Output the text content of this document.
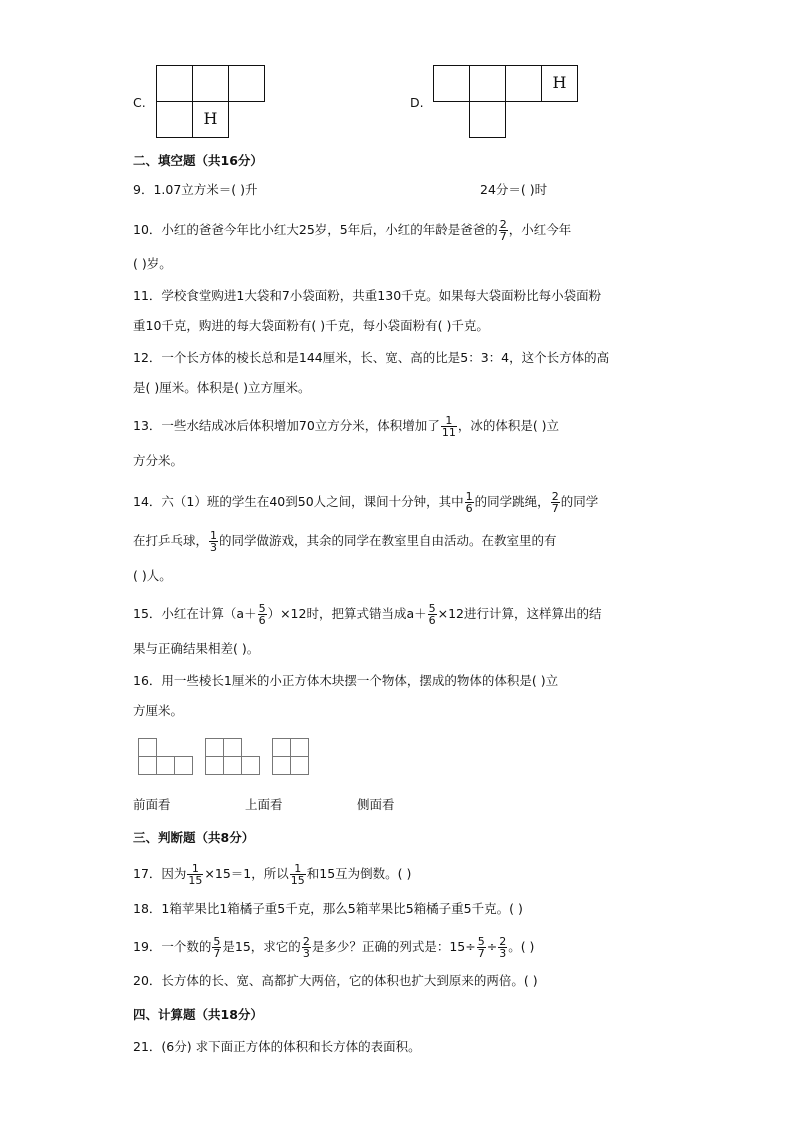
C.
H
D.
H
二、填空题（共16分）
9．1.07立方米＝( )升	24分＝( )时
10．小红的爸爸今年比小红大25岁，5年后，小红的年龄是爸爸的 $\frac{2}{7}$ ，小红今年
( )岁。
11．学校食堂购进1大袋和7小袋面粉，共重130千克。如果每大袋面粉比每小袋面粉
重10千克，购进的每大袋面粉有( )千克，每小袋面粉有( )千克。
12．一个长方体的棱长总和是144厘米，长、宽、高的比是5：3：4，这个长方体的高
是( )厘米。体积是( )立方厘米。
13．一些水结成冰后体积增加70立方分米，体积增加了 $\frac{1}{11}$ ，冰的体积是( )立
方分米。
14．六（1）班的学生在40到50人之间，课间十分钟，其中 $\frac{1}{6}$ 的同学跳绳， $\frac{2}{7}$ 的同学
在打乒乓球， $\frac{1}{3}$ 的同学做游戏，其余的同学在教室里自由活动。在教室里的有
( )人。
15．小红在计算$(a+ \frac{5}{6} )\times 12$时，把算式错当成$a+ \frac{5}{6} \times 12$进行计算，这样算出的结
果与正确结果相差( )。
16．用一些棱长1厘米的小正方体木块摆一个物体，摆成的物体的体积是( )立
方厘米。
前面看	上面看	侧面看
三、判断题（共8分）
17．因为 $\frac{1}{15} \times 15=1$，所以 $\frac{1}{15}$ 和15互为倒数。( )
18．1箱苹果比1箱橘子重5千克，那么5箱苹果比5箱橘子重5千克。( )
19．一个数的 $\frac{5}{7}$ 是15，求它的 $\frac{2}{3}$ 是多少？正确的列式是：$15\div \frac{5}{7} \div \frac{2}{3}$ 。( )
20．长方体的长、宽、高都扩大两倍，它的体积也扩大到原来的两倍。( )
四、计算题（共18分）
21．(6分) 求下面正方体的体积和长方体的表面积。
